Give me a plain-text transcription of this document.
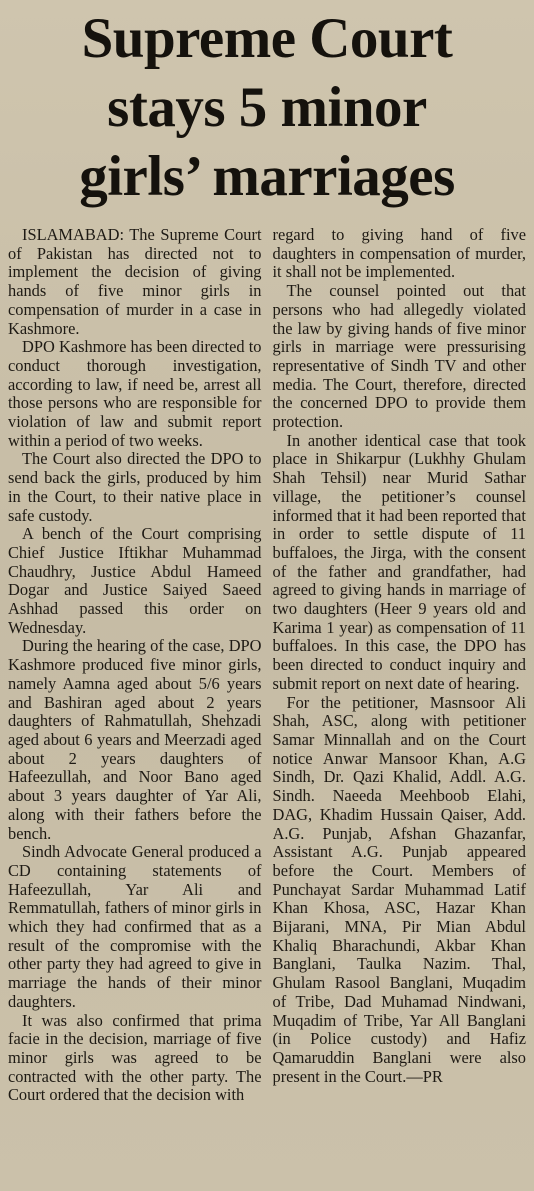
Supreme Court
stays 5 minor
girls’ marriages

ISLAMABAD: The Supreme Court of Pakistan has directed not to implement the decision of giving hands of five minor girls in compensation of murder in a case in Kashmore.

DPO Kashmore has been directed to conduct thorough investigation, according to law, if need be, arrest all those persons who are responsible for violation of law and submit report within a period of two weeks.

The Court also directed the DPO to send back the girls, produced by him in the Court, to their native place in safe custody.

A bench of the Court comprising Chief Justice Iftikhar Muhammad Chaudhry, Justice Abdul Hameed Dogar and Justice Saiyed Saeed Ashhad passed this order on Wednesday.

During the hearing of the case, DPO Kashmore produced five minor girls, namely Aamna aged about 5/6 years and Bashiran aged about 2 years daughters of Rahmatullah, Shehzadi aged about 6 years and Meerzadi aged about 2 years daughters of Hafeezullah, and Noor Bano aged about 3 years daughter of Yar Ali, along with their fathers before the bench.

Sindh Advocate General produced a CD containing statements of Hafeezullah, Yar Ali and Remmatullah, fathers of minor girls in which they had confirmed that as a result of the compromise with the other party they had agreed to give in marriage the hands of their minor daughters.

It was also confirmed that prima facie in the decision, marriage of five minor girls was agreed to be contracted with the other party. The Court ordered that the decision with

regard to giving hand of five daughters in compensation of murder, it shall not be implemented.

The counsel pointed out that persons who had allegedly violated the law by giving hands of five minor girls in marriage were pressurising representative of Sindh TV and other media. The Court, therefore, directed the concerned DPO to provide them protection.

In another identical case that took place in Shikarpur (Lukhhy Ghulam Shah Tehsil) near Murid Sathar village, the petitioner’s counsel informed that it had been reported that in order to settle dispute of 11 buffaloes, the Jirga, with the consent of the father and grandfather, had agreed to giving hands in marriage of two daughters (Heer 9 years old and Karima 1 year) as compensation of 11 buffaloes. In this case, the DPO has been directed to conduct inquiry and submit report on next date of hearing.

For the petitioner, Masnsoor Ali Shah, ASC, along with petitioner Samar Minnallah and on the Court notice Anwar Mansoor Khan, A.G Sindh, Dr. Qazi Khalid, Addl. A.G. Sindh. Naeeda Meehboob Elahi, DAG, Khadim Hussain Qaiser, Add. A.G. Punjab, Afshan Ghazanfar, Assistant A.G. Punjab appeared before the Court. Members of Punchayat Sardar Muhammad Latif Khan Khosa, ASC, Hazar Khan Bijarani, MNA, Pir Mian Abdul Khaliq Bharachundi, Akbar Khan Banglani, Taulka Nazim. Thal, Ghulam Rasool Banglani, Muqadim of Tribe, Dad Muhamad Nindwani, Muqadim of Tribe, Yar All Banglani (in Police custody) and Hafiz Qamaruddin Banglani were also present in the Court.—PR
